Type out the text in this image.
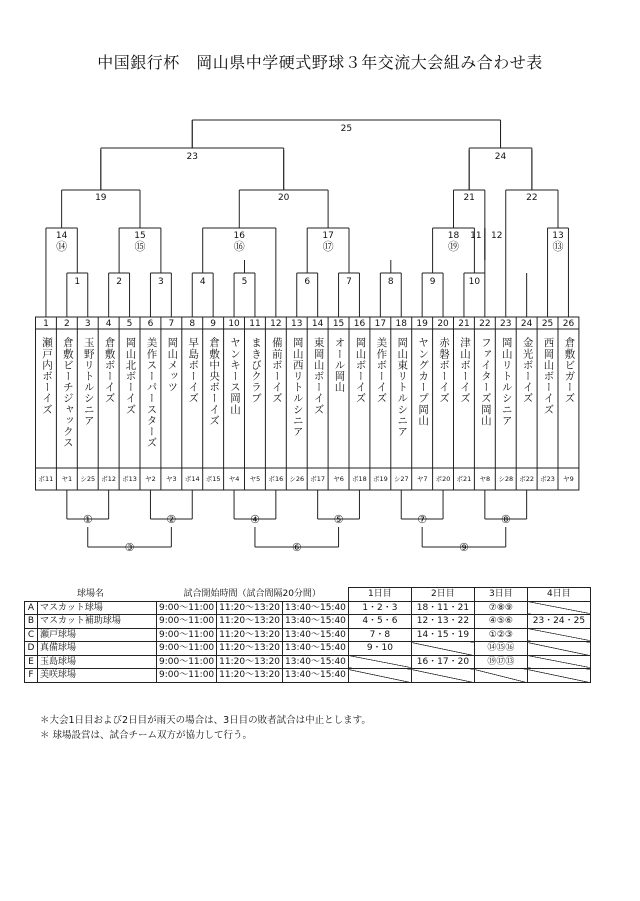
中国銀行杯　岡山県中学硬式野球３年交流大会組み合わせ表
1
瀬戸内ボーイズ
ボ11
2
倉敷ビーチジャックス
ヤ1
3
玉野リトルシニア
シ25
4
倉敷ボーイズ
ボ12
5
岡山北ボーイズ
ボ13
6
美作スーパースターズ
ヤ2
7
岡山メッツ
ヤ3
8
早島ボーイズ
ボ14
9
倉敷中央ボーイズ
ボ15
10
ヤンキース岡山
ヤ4
11
まきびクラブ
ヤ5
12
備前ボーイズ
ボ16
13
岡山西リトルシニア
シ26
14
東岡山ボーイズ
ボ17
15
オール岡山
ヤ6
16
岡山ボーイズ
ボ18
17
美作ボーイズ
ボ19
18
岡山東リトルシニア
シ27
19
ヤングカープ岡山
ヤ7
20
赤磐ボーイズ
ボ20
21
津山ボーイズ
ボ21
22
ファイターズ岡山
ヤ8
23
岡山リトルシニア
シ28
24
金光ボーイズ
ボ22
25
西岡山ボーイズ
ボ23
26
倉敷ビガーズ
ヤ9
1	2	3	4	5	6	7	8	9	10
14
⑭
15
⑮
16
⑯
17
⑰
18
⑲
11 12	13
⑬
19	20	21	22
23	24
25
①	②	④	⑤	⑦	⑧
③	⑥	⑨
球場名		試合開始時間（試合間隔20分間）			1日目	2日目	3日目	4日目
A	マスカット球場	9:00～11:00	11:20～13:20	13:40～15:40	1・2・3	18・11・21	⑦⑧⑨	
B	マスカット補助球場	9:00～11:00	11:20～13:20	13:40～15:40	4・5・6	12・13・22	④⑤⑥	23・24・25
C	瀬戸球場	9:00～11:00	11:20～13:20	13:40～15:40	7・8	14・15・19	①②③	
D	真備球場	9:00～11:00	11:20～13:20	13:40～15:40	9・10		⑭⑮⑯	
E	玉島球場	9:00～11:00	11:20～13:20	13:40～15:40		16・17・20	⑲⑰⑬	
F	美咲球場	9:00～11:00	11:20～13:20	13:40～15:40				
＊大会1日目および2日目が雨天の場合は、3日目の敗者試合は中止とします。
＊ 球場設営は、試合チーム双方が協力して行う。
